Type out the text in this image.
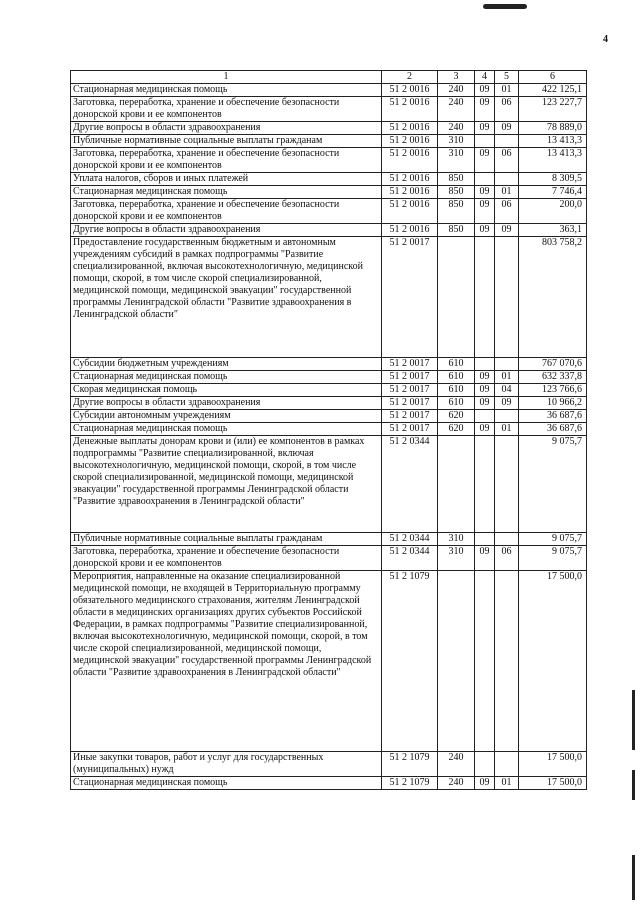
4
1	2	3	4	5	6
Стационарная медицинская помощь	51 2 0016	240	09	01	422 125,1
Заготовка, переработка, хранение и обеспечение безопасности донорской крови и ее компонентов	51 2 0016	240	09	06	123 227,7
Другие вопросы в области здравоохранения	51 2 0016	240	09	09	78 889,0
Публичные нормативные социальные выплаты гражданам	51 2 0016	310			13 413,3
Заготовка, переработка, хранение и обеспечение безопасности донорской крови и ее компонентов	51 2 0016	310	09	06	13 413,3
Уплата налогов, сборов и иных платежей	51 2 0016	850			8 309,5
Стационарная медицинская помощь	51 2 0016	850	09	01	7 746,4
Заготовка, переработка, хранение и обеспечение безопасности донорской крови и ее компонентов	51 2 0016	850	09	06	200,0
Другие вопросы в области здравоохранения	51 2 0016	850	09	09	363,1
Предоставление государственным бюджетным и автономным учреждениям субсидий в рамках подпрограммы "Развитие специализированной, включая высокотехнологичную, медицинской помощи, скорой, в том числе скорой специализированной, медицинской помощи, медицинской эвакуации" государственной программы Ленинградской области "Развитие здравоохранения в Ленинградской области"	51 2 0017				803 758,2
Субсидии бюджетным учреждениям	51 2 0017	610			767 070,6
Стационарная медицинская помощь	51 2 0017	610	09	01	632 337,8
Скорая медицинская помощь	51 2 0017	610	09	04	123 766,6
Другие вопросы в области здравоохранения	51 2 0017	610	09	09	10 966,2
Субсидии автономным учреждениям	51 2 0017	620			36 687,6
Стационарная медицинская помощь	51 2 0017	620	09	01	36 687,6
Денежные выплаты донорам крови и (или) ее компонентов в рамках подпрограммы "Развитие специализированной, включая высокотехнологичную, медицинской помощи, скорой, в том числе скорой специализированной, медицинской помощи, медицинской эвакуации" государственной программы Ленинградской области "Развитие здравоохранения в Ленинградской области"	51 2 0344				9 075,7
Публичные нормативные социальные выплаты гражданам	51 2 0344	310			9 075,7
Заготовка, переработка, хранение и обеспечение безопасности донорской крови и ее компонентов	51 2 0344	310	09	06	9 075,7
Мероприятия, направленные на оказание специализированной медицинской помощи, не входящей в Территориальную программу обязательного медицинского страхования, жителям Ленинградской области в медицинских организациях других субъектов Российской Федерации, в рамках подпрограммы "Развитие специализированной, включая высокотехнологичную, медицинской помощи, скорой, в том числе скорой специализированной, медицинской помощи, медицинской эвакуации" государственной программы Ленинградской области "Развитие здравоохранения в Ленинградской области"	51 2 1079				17 500,0
Иные закупки товаров, работ и услуг для государственных (муниципальных) нужд	51 2 1079	240			17 500,0
Стационарная медицинская помощь	51 2 1079	240	09	01	17 500,0
